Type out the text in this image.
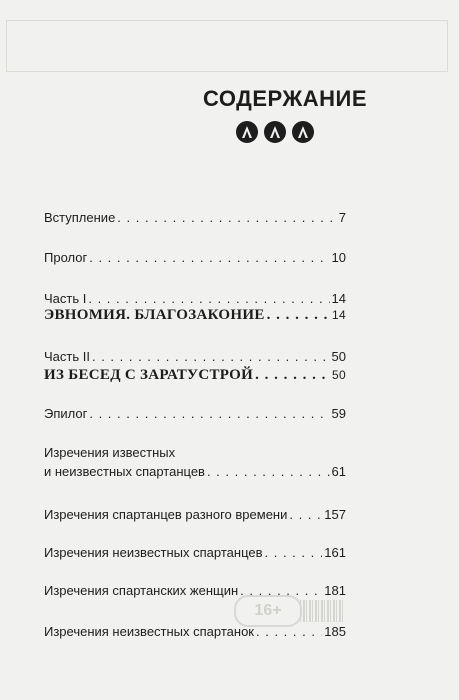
16+
СОДЕРЖАНИЕ
Вступление . . .	7
Пролог . . .	10
Часть I . . .	14
ЭВНОМИЯ. БЛАГОЗАКОНИЕ . . .	14
Часть II . . .	50
ИЗ БЕСЕД С ЗАРАТУСТРОЙ . . .	50
Эпилог . . .	59
Изречения известных
и неизвестных спартанцев . . .	61
Изречения спартанцев разного времени . . .	157
Изречения неизвестных спартанцев . . .	161
Изречения спартанских женщин . . .	181
Изречения неизвестных спартанок . . .	185
